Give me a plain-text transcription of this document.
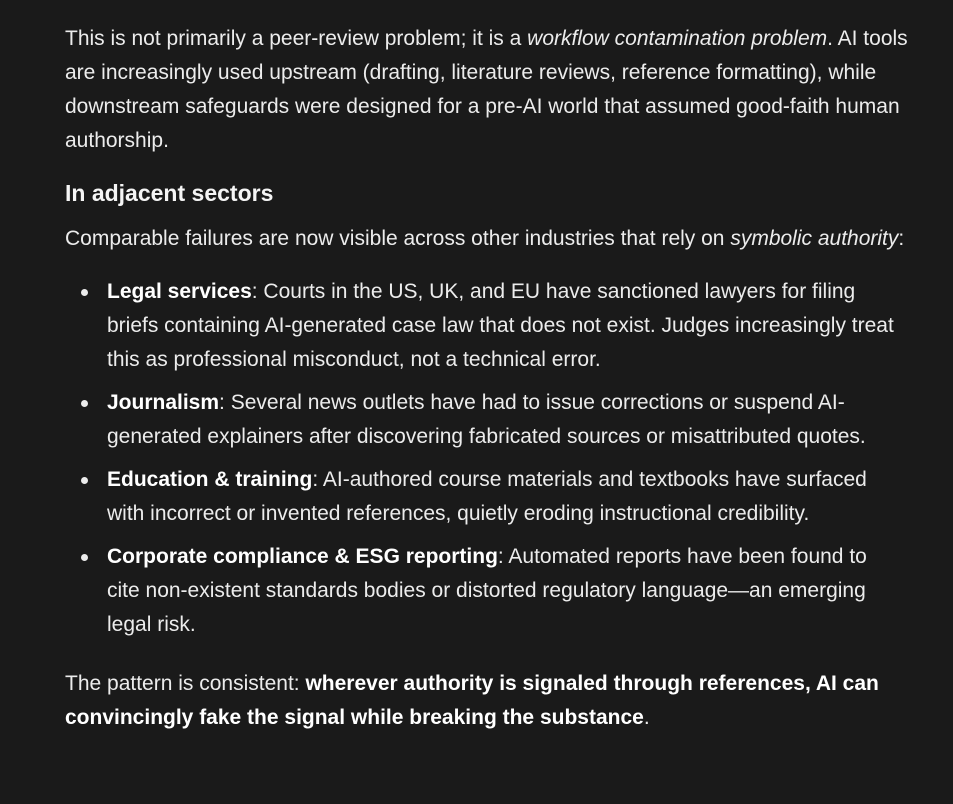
This is not primarily a peer-review problem; it is a workflow contamination problem. AI tools are increasingly used upstream (drafting, literature reviews, reference formatting), while downstream safeguards were designed for a pre-AI world that assumed good-faith human authorship.

In adjacent sectors

Comparable failures are now visible across other industries that rely on symbolic authority:

Legal services: Courts in the US, UK, and EU have sanctioned lawyers for filing briefs containing AI-generated case law that does not exist. Judges increasingly treat this as professional misconduct, not a technical error.
Journalism: Several news outlets have had to issue corrections or suspend AI-generated explainers after discovering fabricated sources or misattributed quotes.
Education & training: AI-authored course materials and textbooks have surfaced with incorrect or invented references, quietly eroding instructional credibility.
Corporate compliance & ESG reporting: Automated reports have been found to cite non-existent standards bodies or distorted regulatory language—an emerging legal risk.

The pattern is consistent: wherever authority is signaled through references, AI can convincingly fake the signal while breaking the substance.
